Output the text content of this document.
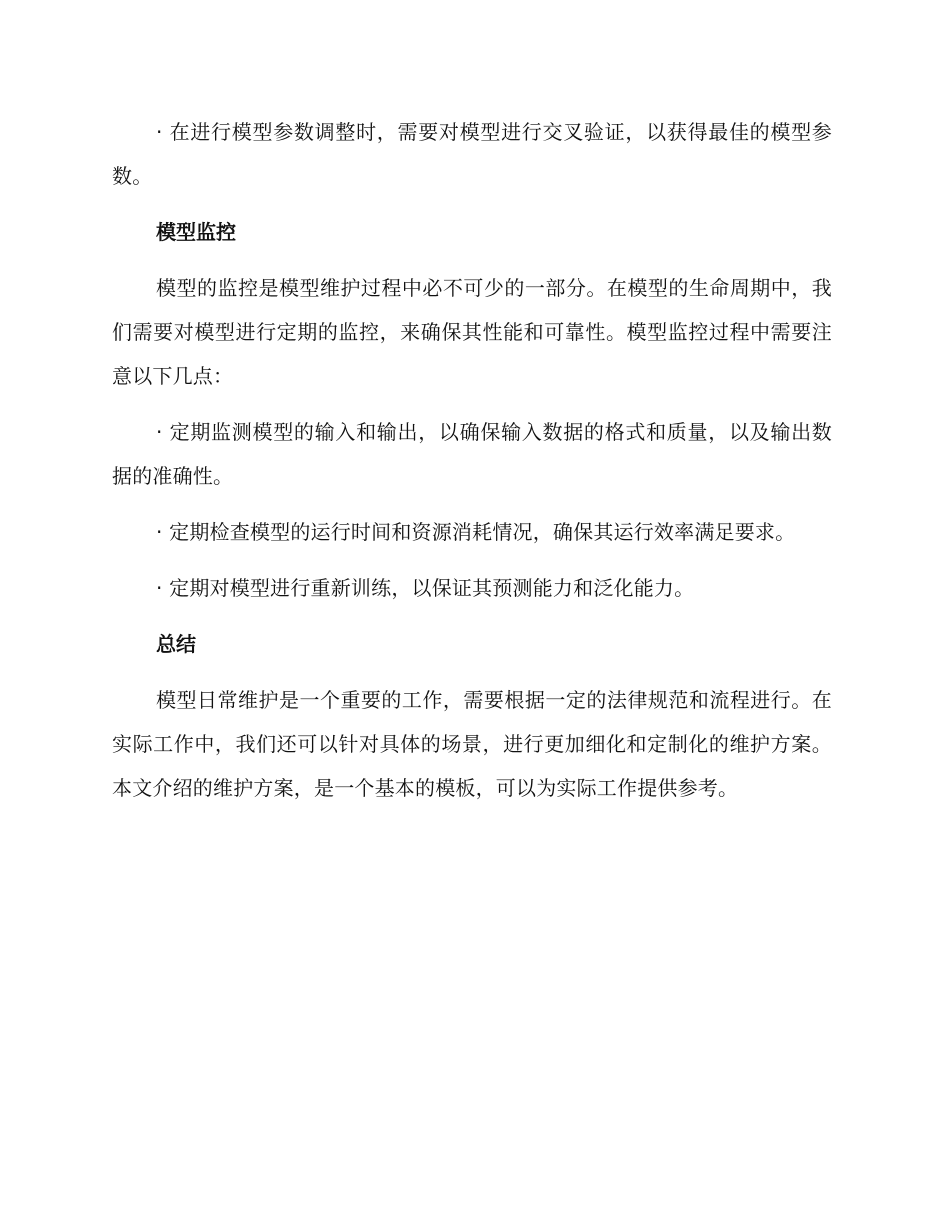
· 在进行模型参数调整时，需要对模型进行交叉验证，以获得最佳的模型参数。

模型监控

模型的监控是模型维护过程中必不可少的一部分。在模型的生命周期中，我们需要对模型进行定期的监控，来确保其性能和可靠性。模型监控过程中需要注意以下几点：

· 定期监测模型的输入和输出，以确保输入数据的格式和质量，以及输出数据的准确性。

· 定期检查模型的运行时间和资源消耗情况，确保其运行效率满足要求。

· 定期对模型进行重新训练，以保证其预测能力和泛化能力。

总结

模型日常维护是一个重要的工作，需要根据一定的法律规范和流程进行。在实际工作中，我们还可以针对具体的场景，进行更加细化和定制化的维护方案。本文介绍的维护方案，是一个基本的模板，可以为实际工作提供参考。
